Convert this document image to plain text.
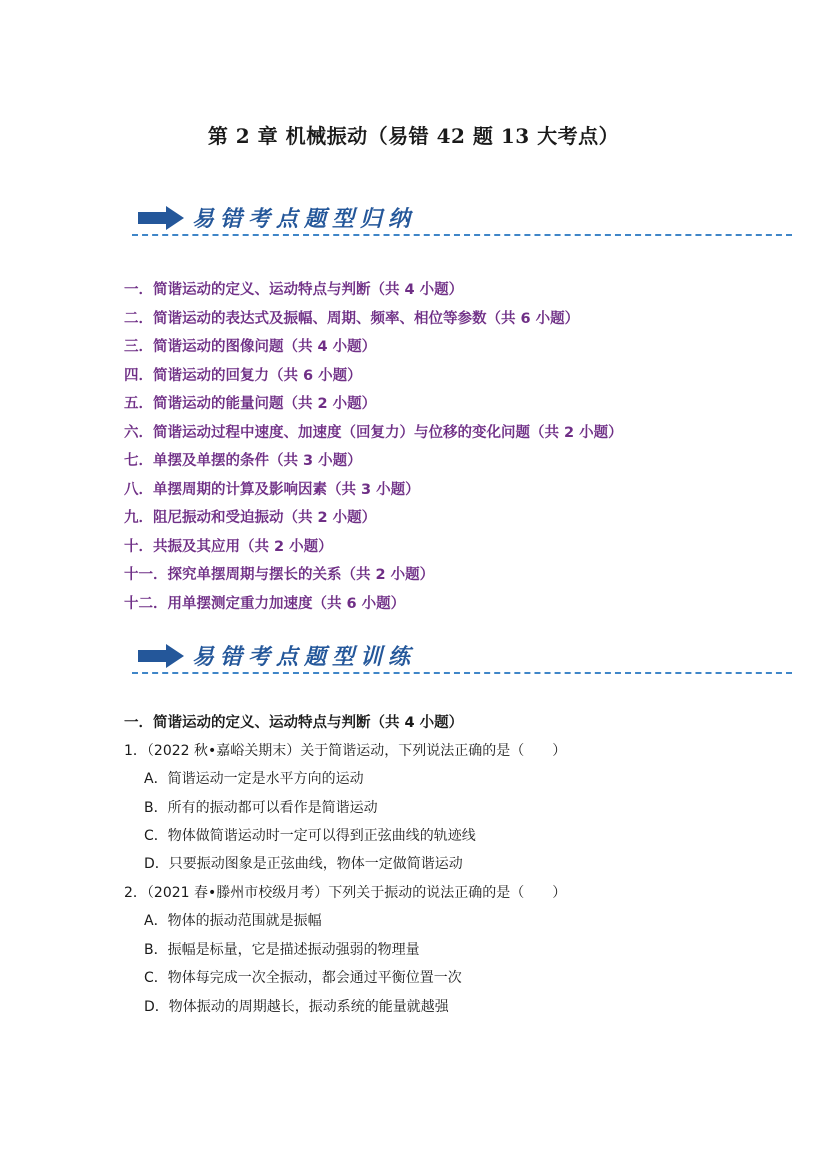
第 2 章 机械振动（易错 42 题 13 大考点）
易错考点题型归纳
一．简谐运动的定义、运动特点与判断（共 4 小题）
二．简谐运动的表达式及振幅、周期、频率、相位等参数（共 6 小题）
三．简谐运动的图像问题（共 4 小题）
四．简谐运动的回复力（共 6 小题）
五．简谐运动的能量问题（共 2 小题）
六．简谐运动过程中速度、加速度（回复力）与位移的变化问题（共 2 小题）
七．单摆及单摆的条件（共 3 小题）
八．单摆周期的计算及影响因素（共 3 小题）
九．阻尼振动和受迫振动（共 2 小题）
十．共振及其应用（共 2 小题）
十一．探究单摆周期与摆长的关系（共 2 小题）
十二．用单摆测定重力加速度（共 6 小题）
易错考点题型训练
一．简谐运动的定义、运动特点与判断（共 4 小题）
1．（2022 秋•嘉峪关期末）关于简谐运动，下列说法正确的是（　　）
A．简谐运动一定是水平方向的运动
B．所有的振动都可以看作是简谐运动
C．物体做简谐运动时一定可以得到正弦曲线的轨迹线
D．只要振动图象是正弦曲线，物体一定做简谐运动
2．（2021 春•滕州市校级月考）下列关于振动的说法正确的是（　　）
A．物体的振动范围就是振幅
B．振幅是标量，它是描述振动强弱的物理量
C．物体每完成一次全振动，都会通过平衡位置一次
D．物体振动的周期越长，振动系统的能量就越强
